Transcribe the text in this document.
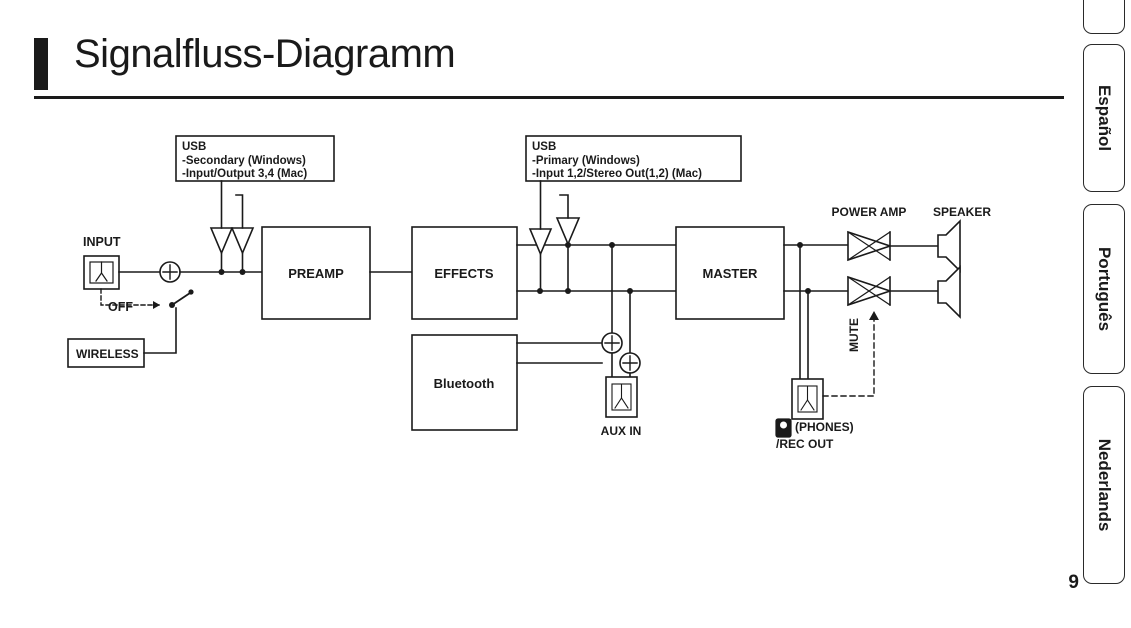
Signalfluss-Diagramm
Español
Português
Nederlands
9
USB
-Secondary (Windows)
-Input/Output 3,4 (Mac)
USB
-Primary (Windows)
-Input 1,2/Stereo Out(1,2) (Mac)
INPUT
OFF
WIRELESS
PREAMP	EFFECTS	MASTER
Bluetooth
AUX IN	(PHONES)
/REC OUT
MUTE
POWER AMP SPEAKER
